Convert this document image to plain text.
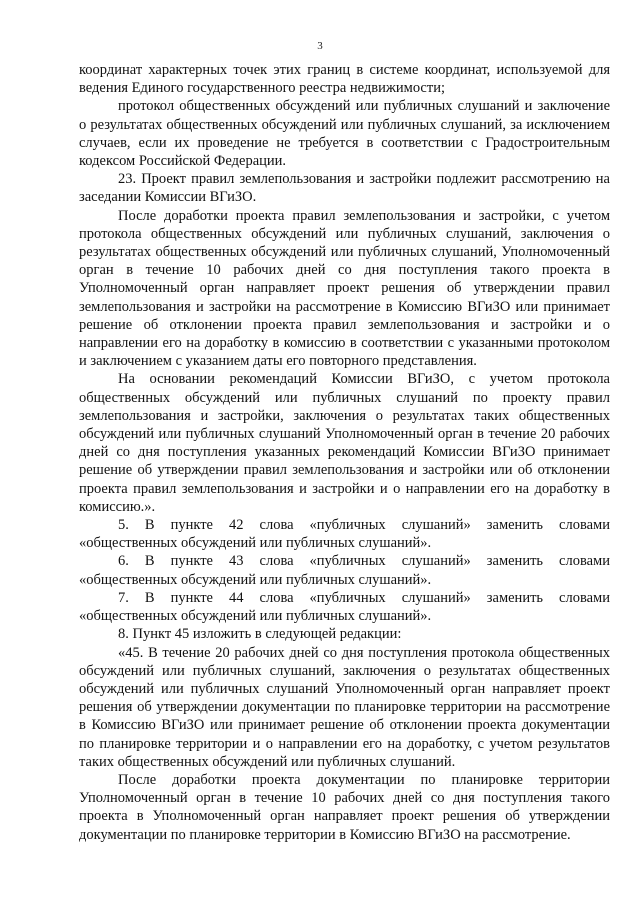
3

координат характерных точек этих границ в системе координат, используемой для ведения Единого государственного реестра недвижимости;

протокол общественных обсуждений или публичных слушаний и заключение о результатах общественных обсуждений или публичных слушаний, за исключением случаев, если их проведение не требуется в соответствии с Градостроительным кодексом Российской Федерации.

23. Проект правил землепользования и застройки подлежит рассмотрению на заседании Комиссии ВГиЗО.

После доработки проекта правил землепользования и застройки, с учетом протокола общественных обсуждений или публичных слушаний, заключения о результатах общественных обсуждений или публичных слушаний, Уполномоченный орган в течение 10 рабочих дней со дня поступления такого проекта в Уполномоченный орган направляет проект решения об утверждении правил землепользования и застройки на рассмотрение в Комиссию ВГиЗО или принимает решение об отклонении проекта правил землепользования и застройки и о направлении его на доработку в комиссию в соответствии с указанными протоколом и заключением с указанием даты его повторного представления.

На основании рекомендаций Комиссии ВГиЗО, с учетом протокола общественных обсуждений или публичных слушаний по проекту правил землепользования и застройки, заключения о результатах таких общественных обсуждений или публичных слушаний Уполномоченный орган в течение 20 рабочих дней со дня поступления указанных рекомендаций Комиссии ВГиЗО принимает решение об утверждении правил землепользования и застройки или об отклонении проекта правил землепользования и застройки и о направлении его на доработку в комиссию.».

5. В пункте 42 слова «публичных слушаний» заменить словами «общественных обсуждений или публичных слушаний».

6. В пункте 43 слова «публичных слушаний» заменить словами «общественных обсуждений или публичных слушаний».

7. В пункте 44 слова «публичных слушаний» заменить словами «общественных обсуждений или публичных слушаний».

8. Пункт 45 изложить в следующей редакции:

«45. В течение 20 рабочих дней со дня поступления протокола общественных обсуждений или публичных слушаний, заключения о результатах общественных обсуждений или публичных слушаний Уполномоченный орган направляет проект решения об утверждении документации по планировке территории на рассмотрение в Комиссию ВГиЗО или принимает решение об отклонении проекта документации по планировке территории и о направлении его на доработку, с учетом результатов таких общественных обсуждений или публичных слушаний.

После доработки проекта документации по планировке территории Уполномоченный орган в течение 10 рабочих дней со дня поступления такого проекта в Уполномоченный орган направляет проект решения об утверждении документации по планировке территории в Комиссию ВГиЗО на рассмотрение.
